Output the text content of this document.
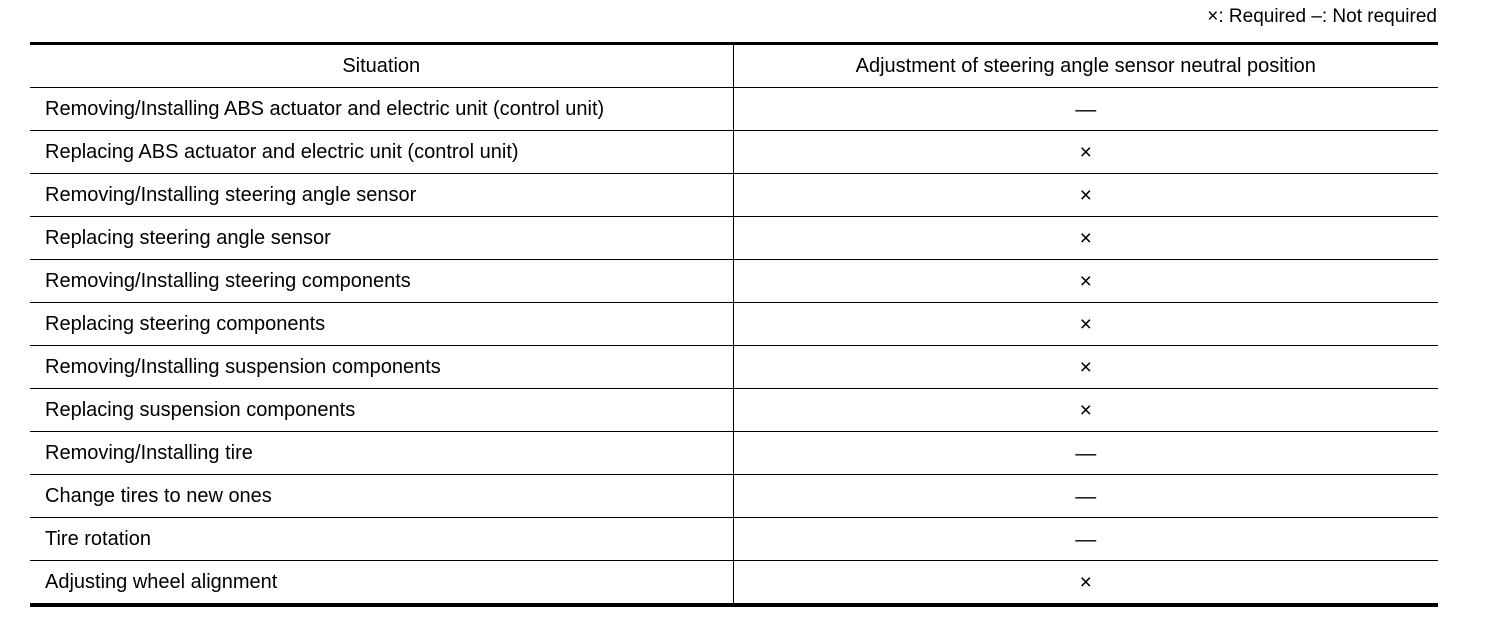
×: Required –: Not required
Situation	Adjustment of steering angle sensor neutral position
Removing/Installing ABS actuator and electric unit (control unit)	—
Replacing ABS actuator and electric unit (control unit)	×
Removing/Installing steering angle sensor	×
Replacing steering angle sensor	×
Removing/Installing steering components	×
Replacing steering components	×
Removing/Installing suspension components	×
Replacing suspension components	×
Removing/Installing tire	—
Change tires to new ones	—
Tire rotation	—
Adjusting wheel alignment	×
